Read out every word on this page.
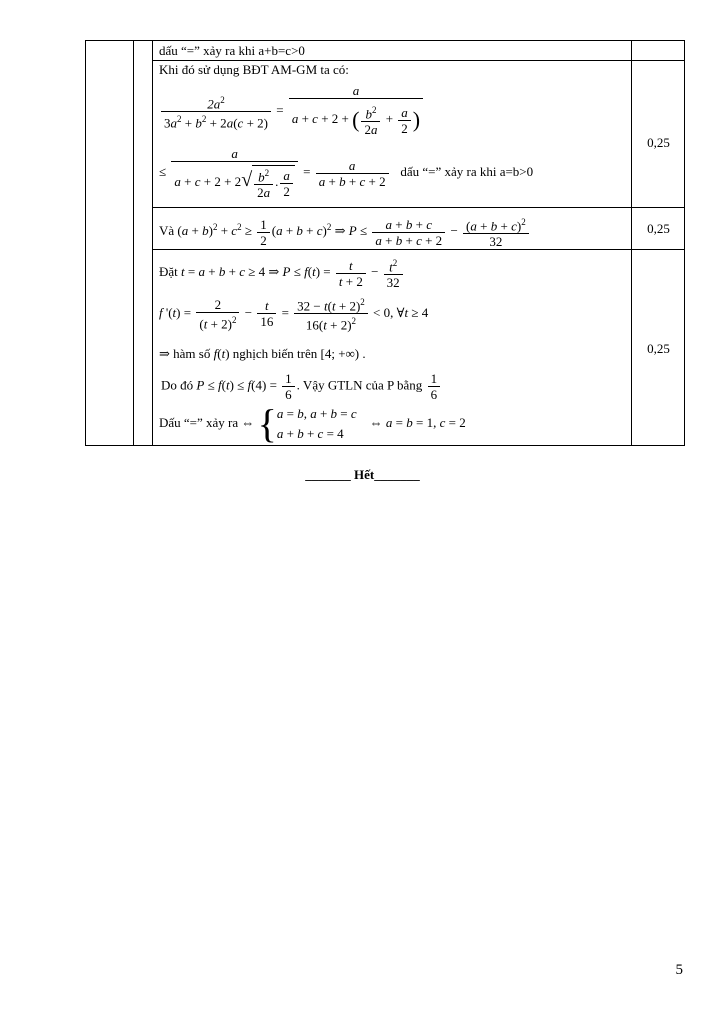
dấu “=” xảy ra khi a+b=c>0
Khi đó sử dụng BĐT AM-GM ta có:
$\frac{2a^2}{3a^2 + b^2 + 2a(c + 2)} = \frac{a}{a + c + 2 + ( \frac{b^2}{2a} + \frac{a}{2} )}$
≤ $\frac{a}{a + c + 2 + 2√ \frac{b^2}{2a} . \frac{a}{2}} = \frac{a}{a + b + c + 2}$ dấu “=” xảy ra khi a=b>0
0,25
Và $(a + b)^2 + c^2 \ge \frac{1}{2} (a + b + c)^2$ ⇒ $P \le \frac{a + b + c}{a + b + c + 2} - \frac{(a + b + c)^2}{32}$	0,25
Đặt t = a + b + c ≥ 4 ⇒ $P \le f(t) = \frac{t}{t + 2} - \frac{t^2}{32}$
f '$(t) = \frac{2}{(t + 2)^2} - \frac{t}{16} = \frac{32 - t(t + 2)^2}{16(t + 2)^2} < 0$, ∀t ≥ 4
⇒ hàm số f(t) nghịch biến trên [4; +∞) .
Do đó $P \le f(t) \le f(4) = \frac{1}{6}$ . Vậy GTLN của P bằng $\frac{1}{6}$
Dấu “=” xảy ra ⇔ {a = b, a + b = c
a + b + c = 4    ⇔ a = b = 1, c = 2
0,25
_______ Hết_______
5
